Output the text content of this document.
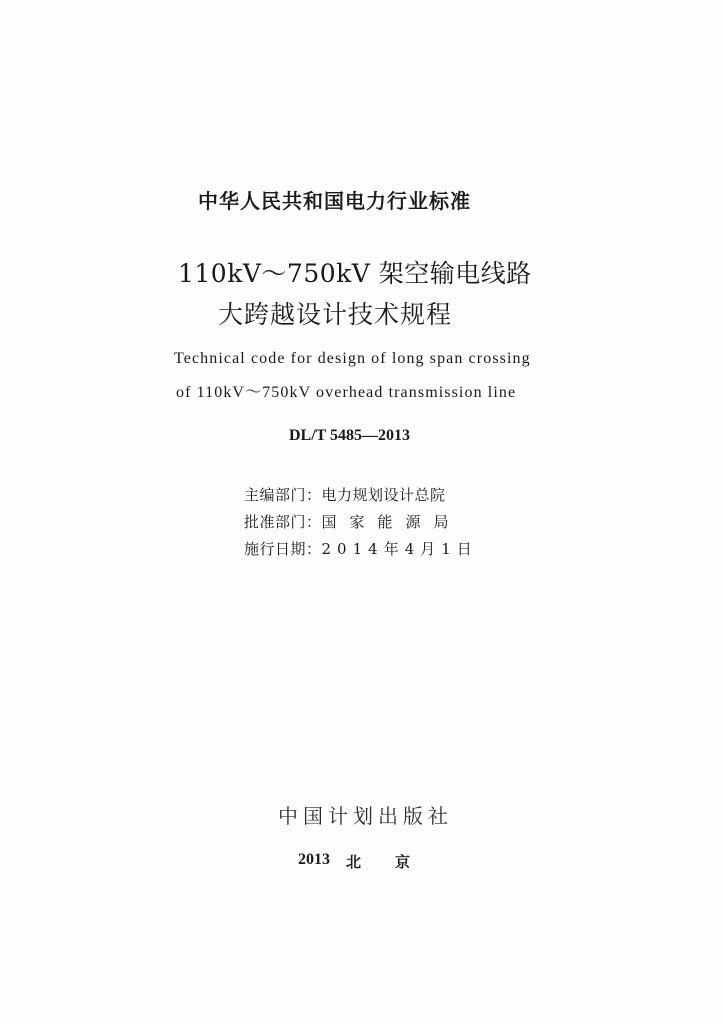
中华人民共和国电力行业标准
110kV～750kV 架空输电线路
大跨越设计技术规程
Technical code for design of long span crossing
of 110kV～750kV overhead transmission line
DL/T 5485—2013
主编部门： 电力规划设计总院
批准部门： 国家能源局
施行日期： 2014年4月1日
中国计划出版社
2013 北京
